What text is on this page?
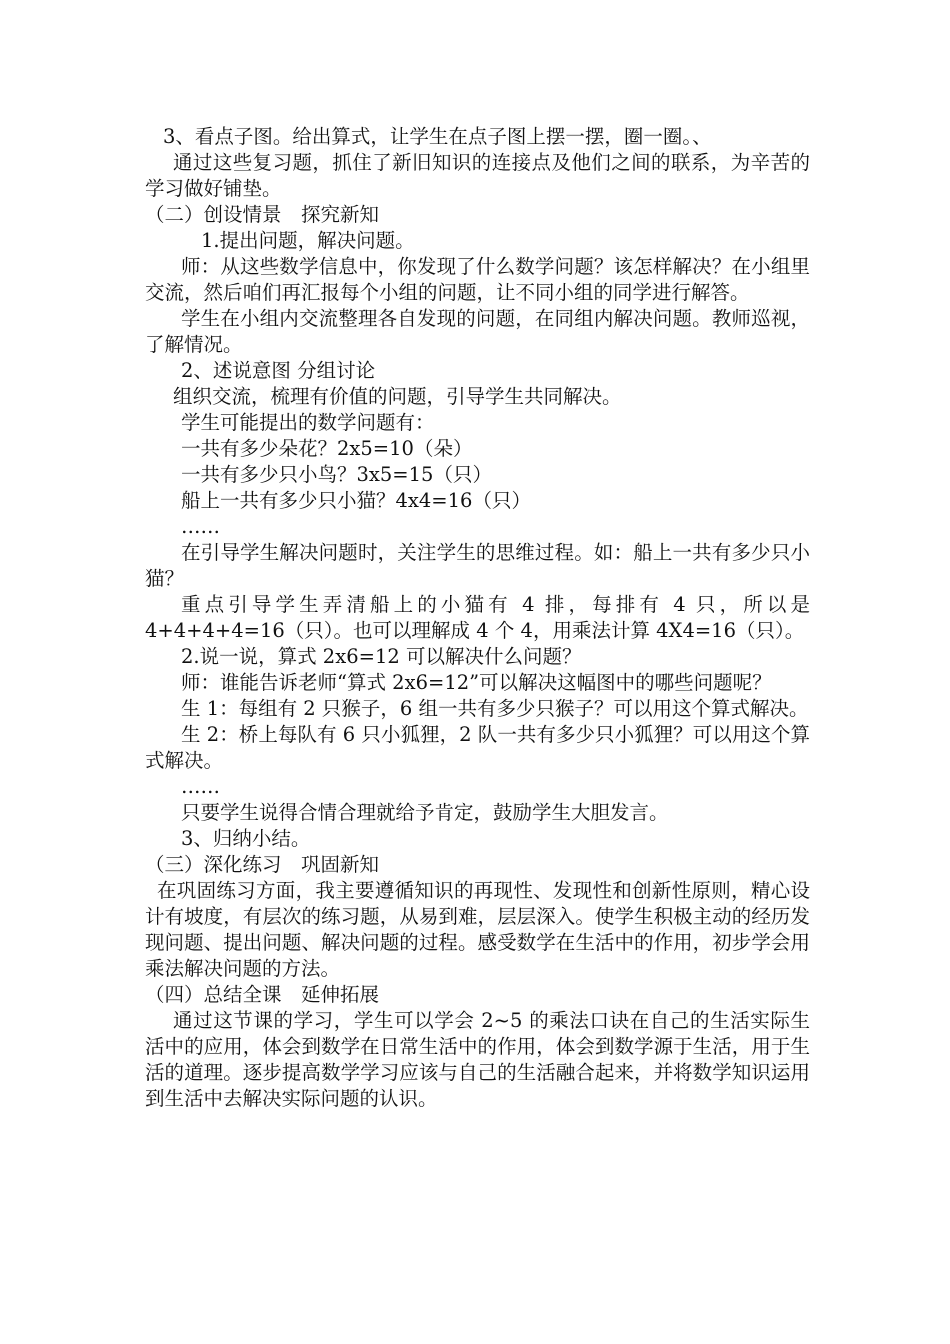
3、看点子图。给出算式，让学生在点子图上摆一摆，圈一圈。、

通过这些复习题，抓住了新旧知识的连接点及他们之间的联系，为辛苦的学习做好铺垫。

（二）创设情景　探究新知

1.提出问题，解决问题。

师：从这些数学信息中，你发现了什么数学问题？该怎样解决？在小组里交流，然后咱们再汇报每个小组的问题，让不同小组的同学进行解答。

学生在小组内交流整理各自发现的问题，在同组内解决问题。教师巡视，了解情况。

2、述说意图 分组讨论

组织交流，梳理有价值的问题，引导学生共同解决。

学生可能提出的数学问题有：

一共有多少朵花？2x5=10（朵）

一共有多少只小鸟？3x5=15（只）

船上一共有多少只小猫？4x4=16（只）

……

在引导学生解决问题时，关注学生的思维过程。如：船上一共有多少只小猫？

重点引导学生弄清船上的小猫有 4 排，每排有 4 只，所以是 4+4+4+4=16（只）。也可以理解成 4 个 4，用乘法计算 4X4=16（只）。

2.说一说，算式 2x6=12 可以解决什么问题？

师：谁能告诉老师“算式 2x6=12”可以解决这幅图中的哪些问题呢？

生 1：每组有 2 只猴子，6 组一共有多少只猴子？可以用这个算式解决。

生 2：桥上每队有 6 只小狐狸，2 队一共有多少只小狐狸？可以用这个算式解决。

……

只要学生说得合情合理就给予肯定，鼓励学生大胆发言。

3、归纳小结。

（三）深化练习　巩固新知

在巩固练习方面，我主要遵循知识的再现性、发现性和创新性原则，精心设计有坡度，有层次的练习题，从易到难，层层深入。使学生积极主动的经历发现问题、提出问题、解决问题的过程。感受数学在生活中的作用，初步学会用乘法解决问题的方法。

（四）总结全课　延伸拓展

通过这节课的学习，学生可以学会 2~5 的乘法口诀在自己的生活实际生活中的应用，体会到数学在日常生活中的作用，体会到数学源于生活，用于生活的道理。逐步提高数学学习应该与自己的生活融合起来，并将数学知识运用到生活中去解决实际问题的认识。
